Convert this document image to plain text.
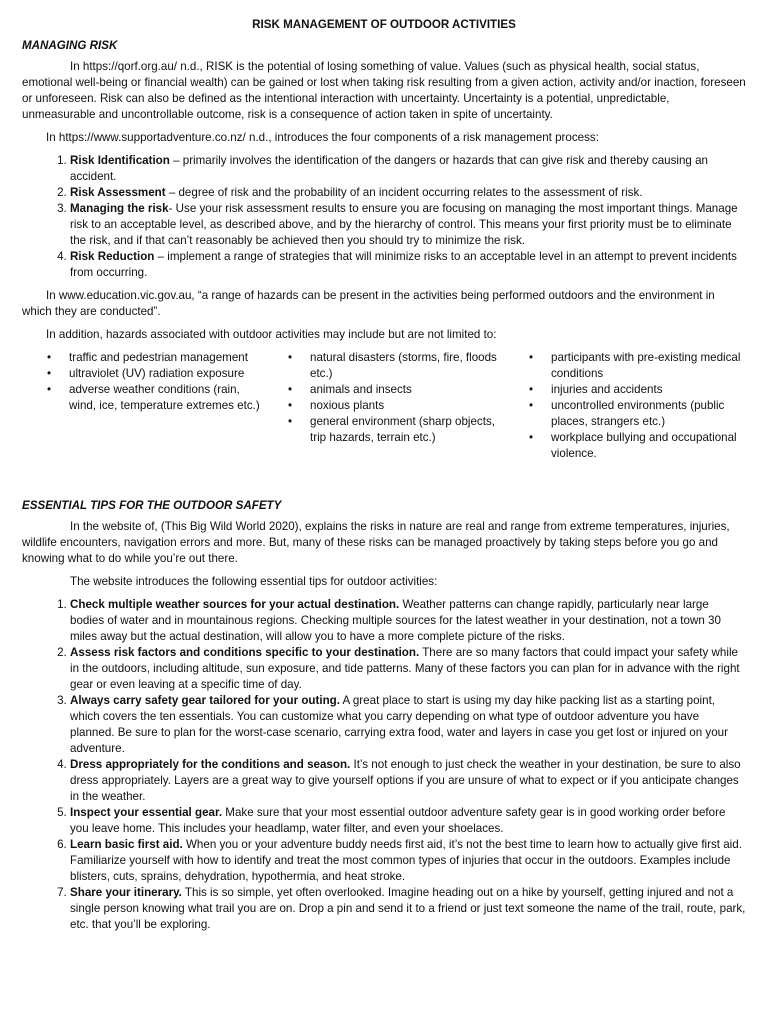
RISK MANAGEMENT OF OUTDOOR ACTIVITIES
MANAGING RISK

In https://qorf.org.au/ n.d., RISK is the potential of losing something of value. Values (such as physical health, social status, emotional well-being or financial wealth) can be gained or lost when taking risk resulting from a given action, activity and/or inaction, foreseen or unforeseen. Risk can also be defined as the intentional interaction with uncertainty. Uncertainty is a potential, unpredictable, unmeasurable and uncontrollable outcome, risk is a consequence of action taken in spite of uncertainty.

In https://www.supportadventure.co.nz/ n.d., introduces the four components of a risk management process:

1. Risk Identification – primarily involves the identification of the dangers or hazards that can give risk and thereby causing an accident.
2. Risk Assessment – degree of risk and the probability of an incident occurring relates to the assessment of risk.
3. Managing the risk- Use your risk assessment results to ensure you are focusing on managing the most important things. Manage risk to an acceptable level, as described above, and by the hierarchy of control. This means your first priority must be to eliminate the risk, and if that can’t reasonably be achieved then you should try to minimize the risk.
4. Risk Reduction – implement a range of strategies that will minimize risks to an acceptable level in an attempt to prevent incidents from occurring.

In www.education.vic.gov.au, “a range of hazards can be present in the activities being performed outdoors and the environment in which they are conducted”.

In addition, hazards associated with outdoor activities may include but are not limited to:

• traffic and pedestrian management
• ultraviolet (UV) radiation exposure
• adverse weather conditions (rain, wind, ice, temperature extremes etc.)
• natural disasters (storms, fire, floods etc.)
• animals and insects
• noxious plants
• general environment (sharp objects, trip hazards, terrain etc.)
• participants with pre-existing medical conditions
• injuries and accidents
• uncontrolled environments (public places, strangers etc.)
• workplace bullying and occupational violence.
ESSENTIAL TIPS FOR THE OUTDOOR SAFETY

In the website of, (This Big Wild World 2020), explains the risks in nature are real and range from extreme temperatures, injuries, wildlife encounters, navigation errors and more. But, many of these risks can be managed proactively by taking steps before you go and knowing what to do while you’re out there.

The website introduces the following essential tips for outdoor activities:

1. Check multiple weather sources for your actual destination. Weather patterns can change rapidly, particularly near large bodies of water and in mountainous regions. Checking multiple sources for the latest weather in your destination, not a town 30 miles away but the actual destination, will allow you to have a more complete picture of the risks.
2. Assess risk factors and conditions specific to your destination. There are so many factors that could impact your safety while in the outdoors, including altitude, sun exposure, and tide patterns. Many of these factors you can plan for in advance with the right gear or even leaving at a specific time of day.
3. Always carry safety gear tailored for your outing. A great place to start is using my day hike packing list as a starting point, which covers the ten essentials. You can customize what you carry depending on what type of outdoor adventure you have planned. Be sure to plan for the worst-case scenario, carrying extra food, water and layers in case you get lost or injured on your adventure.
4. Dress appropriately for the conditions and season. It’s not enough to just check the weather in your destination, be sure to also dress appropriately. Layers are a great way to give yourself options if you are unsure of what to expect or if you anticipate changes in the weather.
5. Inspect your essential gear. Make sure that your most essential outdoor adventure safety gear is in good working order before you leave home. This includes your headlamp, water filter, and even your shoelaces.
6. Learn basic first aid. When you or your adventure buddy needs first aid, it’s not the best time to learn how to actually give first aid. Familiarize yourself with how to identify and treat the most common types of injuries that occur in the outdoors. Examples include blisters, cuts, sprains, dehydration, hypothermia, and heat stroke.
7. Share your itinerary. This is so simple, yet often overlooked. Imagine heading out on a hike by yourself, getting injured and not a single person knowing what trail you are on. Drop a pin and send it to a friend or just text someone the name of the trail, route, park, etc. that you’ll be exploring.
